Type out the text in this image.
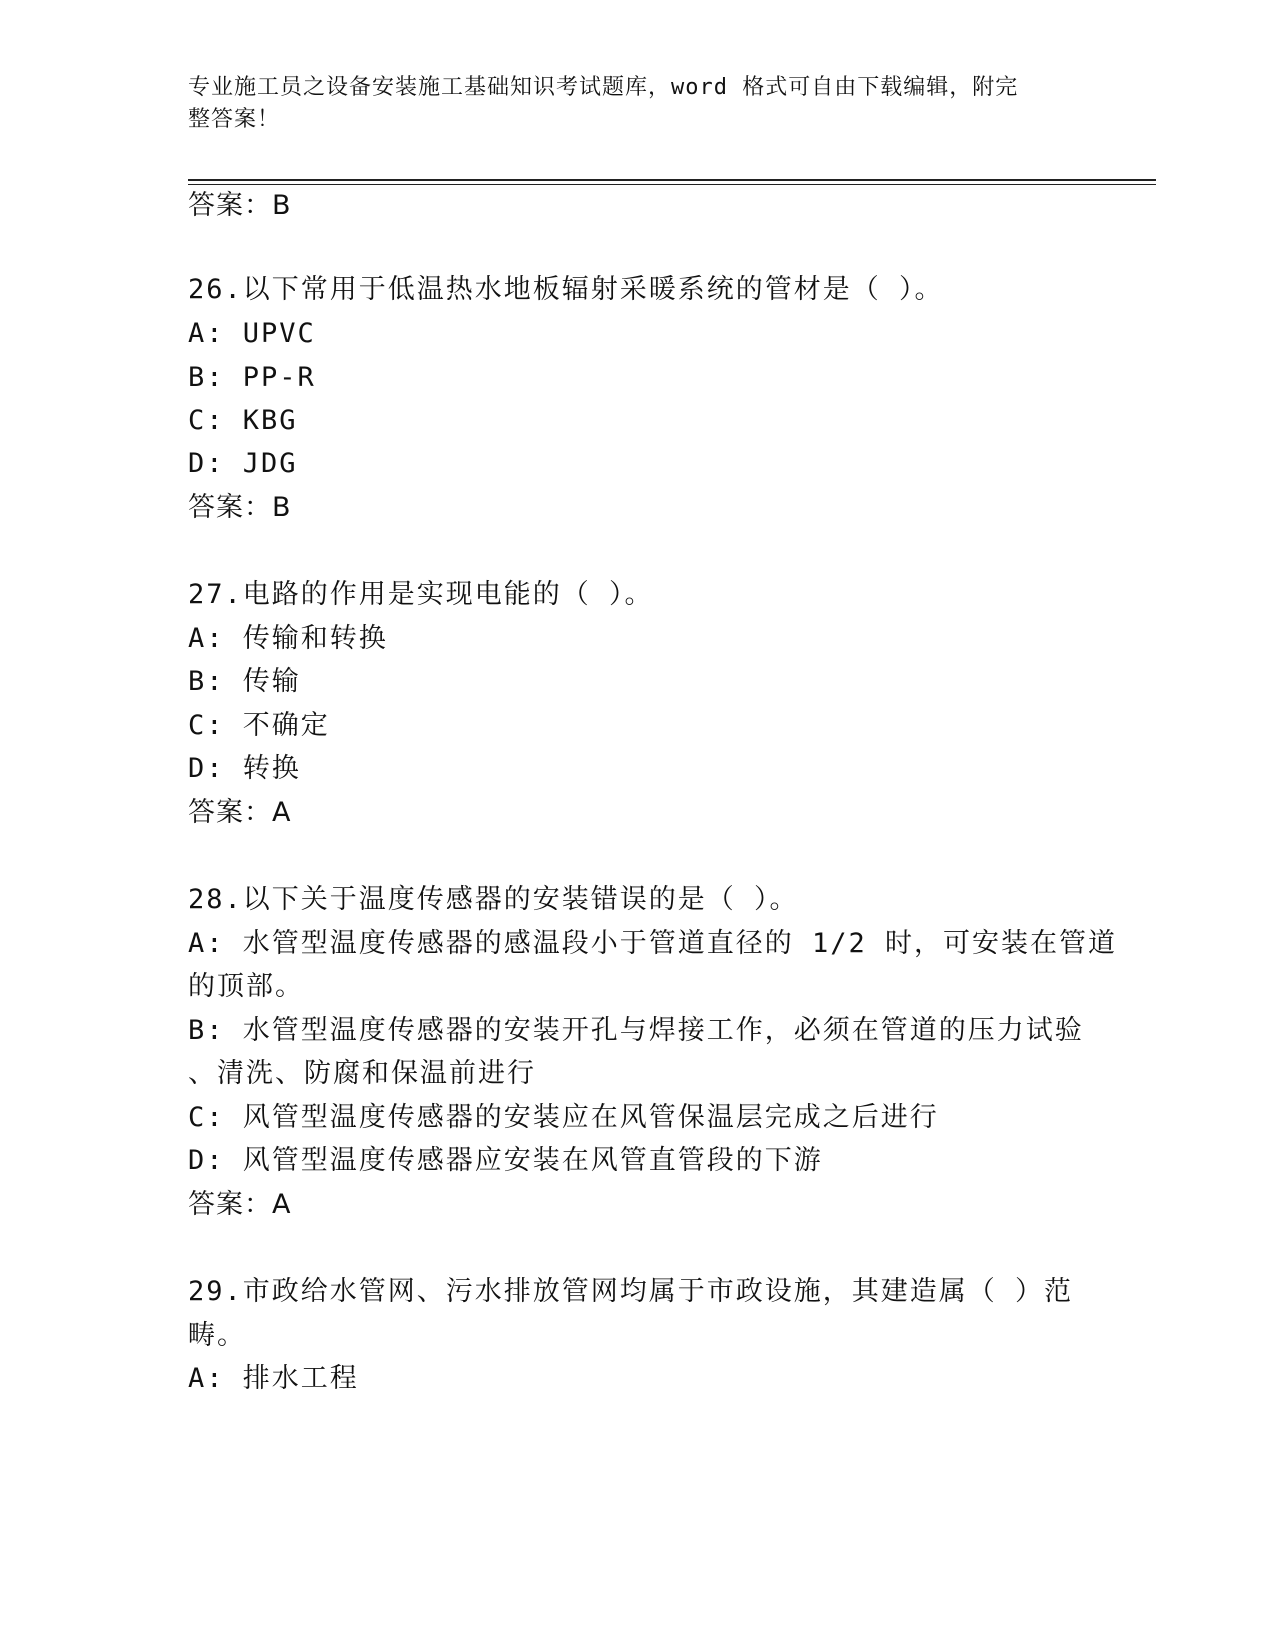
专业施工员之设备安装施工基础知识考试题库，word 格式可自由下载编辑，附完
整答案！
答案：B
26.以下常用于低温热水地板辐射采暖系统的管材是（ ）。
A: UPVC
B: PP-R
C: KBG
D: JDG
答案：B
27.电路的作用是实现电能的（ ）。
A: 传输和转换
B: 传输
C: 不确定
D: 转换
答案：A
28.以下关于温度传感器的安装错误的是（ ）。
A: 水管型温度传感器的感温段小于管道直径的 1/2 时，可安装在管道
的顶部。
B: 水管型温度传感器的安装开孔与焊接工作，必须在管道的压力试验
、清洗、防腐和保温前进行
C: 风管型温度传感器的安装应在风管保温层完成之后进行
D: 风管型温度传感器应安装在风管直管段的下游
答案：A
29.市政给水管网、污水排放管网均属于市政设施，其建造属（ ）范
畴。
A: 排水工程
